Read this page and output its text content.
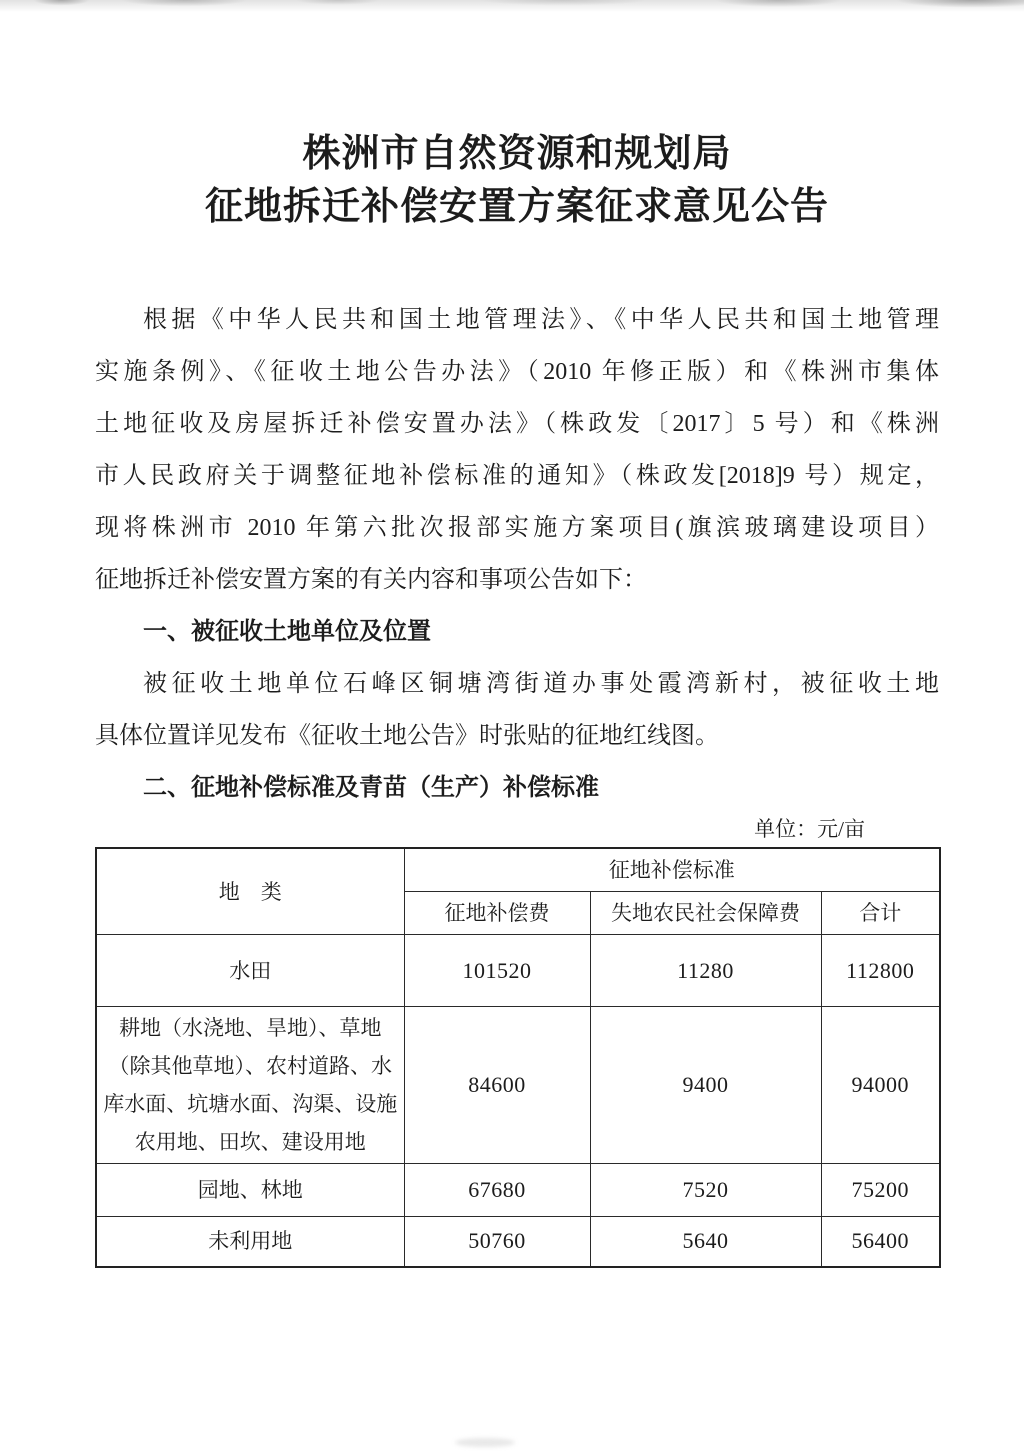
株洲市自然资源和规划局
征地拆迁补偿安置方案征求意见公告
根据《中华人民共和国土地管理法》、《中华人民共和国土地管理
实施条例》、《征收土地公告办法》（2010 年修正版）和《株洲市集体
土地征收及房屋拆迁补偿安置办法》（株政发〔2017〕5 号）和《株洲
市人民政府关于调整征地补偿标准的通知》（株政发[2018]9 号）规定，
现将株洲市 2010 年第六批次报部实施方案项目(旗滨玻璃建设项目）
征地拆迁补偿安置方案的有关内容和事项公告如下：
一、被征收土地单位及位置
被征收土地单位石峰区铜塘湾街道办事处霞湾新村，被征收土地
具体位置详见发布《征收土地公告》时张贴的征地红线图。
二、征地补偿标准及青苗（生产）补偿标准
单位：元/亩
地　类	征地补偿标准		
	征地补偿费	失地农民社会保障费	合计
水田	101520	11280	112800
耕地（水浇地、旱地）、草地（除其他草地）、农村道路、水库水面、坑塘水面、沟渠、设施农用地、田坎、建设用地	84600	9400	94000
园地、林地	67680	7520	75200
未利用地	50760	5640	56400
